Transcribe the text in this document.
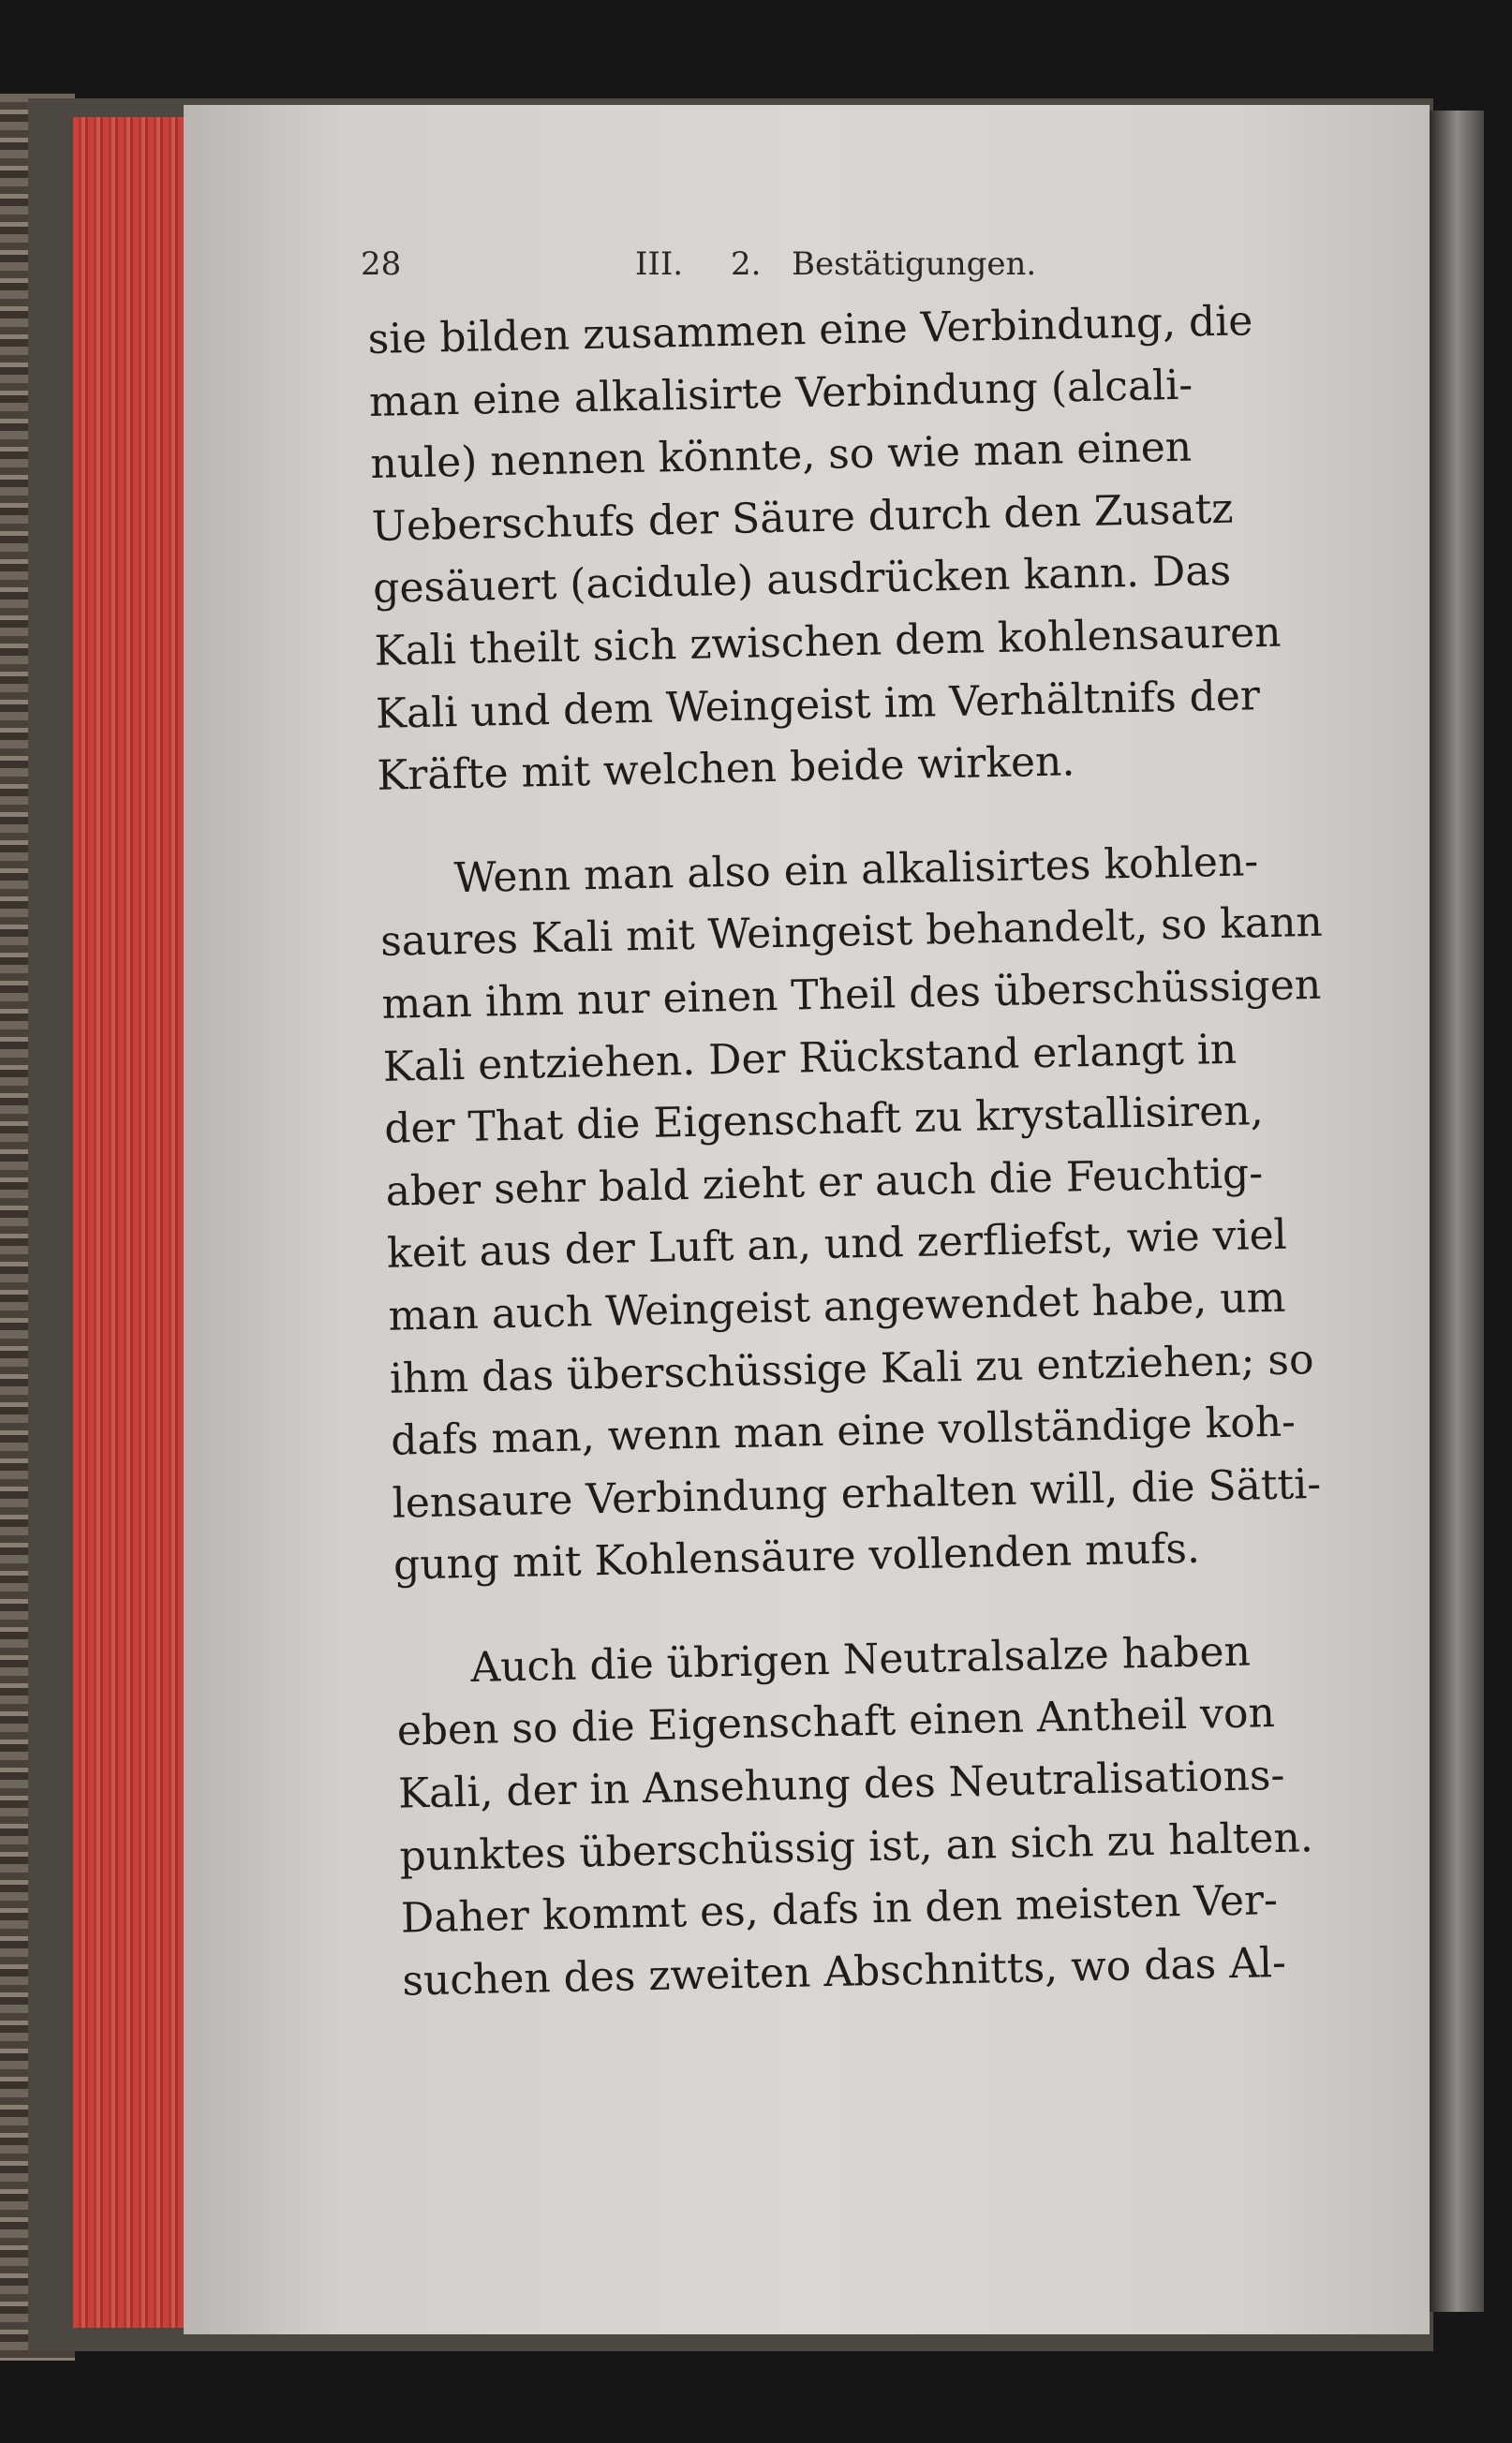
28	III. 2. Bestätigungen.
sie bilden zusammen eine Verbindung, die
man eine alkalisirte Verbindung (alcali-
nule) nennen könnte, so wie man einen
Ueberschufs der Säure durch den Zusatz
gesäuert (acidule) ausdrücken kann. Das
Kali theilt sich zwischen dem kohlensauren
Kali und dem Weingeist im Verhältnifs der
Kräfte mit welchen beide wirken.
Wenn man also ein alkalisirtes kohlen-
saures Kali mit Weingeist behandelt, so kann
man ihm nur einen Theil des überschüssigen
Kali entziehen. Der Rückstand erlangt in
der That die Eigenschaft zu krystallisiren,
aber sehr bald zieht er auch die Feuchtig-
keit aus der Luft an, und zerfliefst, wie viel
man auch Weingeist angewendet habe, um
ihm das überschüssige Kali zu entziehen; so
dafs man, wenn man eine vollständige koh-
lensaure Verbindung erhalten will, die Sätti-
gung mit Kohlensäure vollenden mufs.
Auch die übrigen Neutralsalze haben
eben so die Eigenschaft einen Antheil von
Kali, der in Ansehung des Neutralisations-
punktes überschüssig ist, an sich zu halten.
Daher kommt es, dafs in den meisten Ver-
suchen des zweiten Abschnitts, wo das Al-
